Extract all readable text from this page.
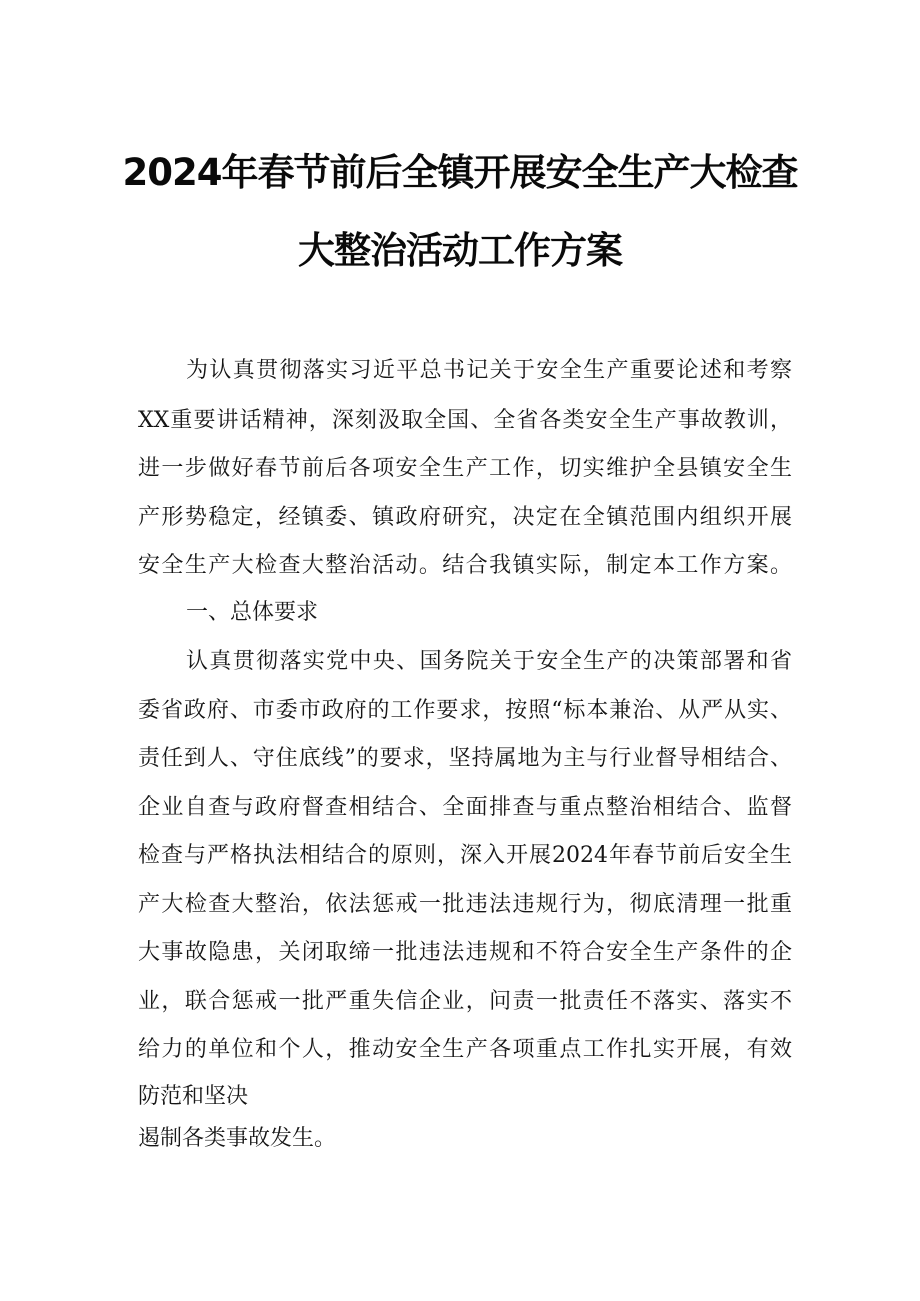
2024年春节前后全镇开展安全生产大检查
大整治活动工作方案
为认真贯彻落实习近平总书记关于安全生产重要论述和考察
XX重要讲话精神，深刻汲取全国、全省各类安全生产事故教训，
进一步做好春节前后各项安全生产工作，切实维护全县镇安全生
产形势稳定，经镇委、镇政府研究，决定在全镇范围内组织开展
安全生产大检查大整治活动。结合我镇实际，制定本工作方案。
一、总体要求
认真贯彻落实党中央、国务院关于安全生产的决策部署和省
委省政府、市委市政府的工作要求，按照“标本兼治、从严从实、
责任到人、守住底线”的要求，坚持属地为主与行业督导相结合、
企业自查与政府督查相结合、全面排查与重点整治相结合、监督
检查与严格执法相结合的原则，深入开展2024年春节前后安全生
产大检查大整治，依法惩戒一批违法违规行为，彻底清理一批重
大事故隐患，关闭取缔一批违法违规和不符合安全生产条件的企
业，联合惩戒一批严重失信企业，问责一批责任不落实、落实不
给力的单位和个人，推动安全生产各项重点工作扎实开展，有效
防范和坚决
遏制各类事故发生。
